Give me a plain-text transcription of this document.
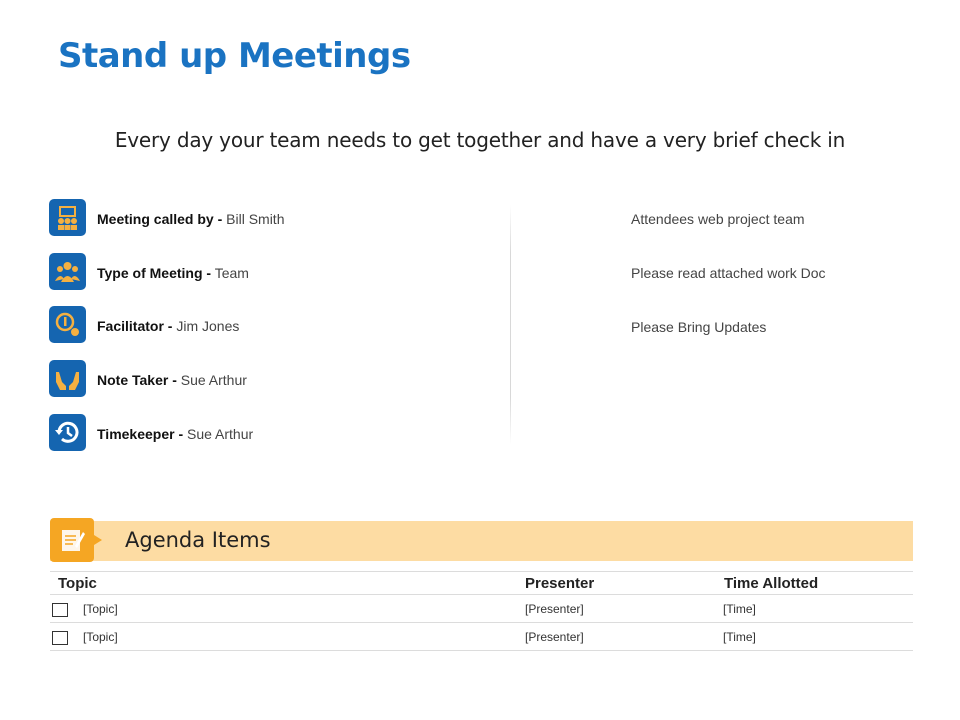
Stand up Meetings
Every day your team needs to get together and have a very brief check in
Meeting called by - Bill Smith
Type of Meeting - Team
Facilitator - Jim Jones
Note Taker - Sue Arthur
Timekeeper - Sue Arthur
Attendees web project team
Please read attached work Doc
Please Bring Updates
Agenda Items
Topic	Presenter	Time Allotted
[Topic]	[Presenter]	[Time]
[Topic]	[Presenter]	[Time]
